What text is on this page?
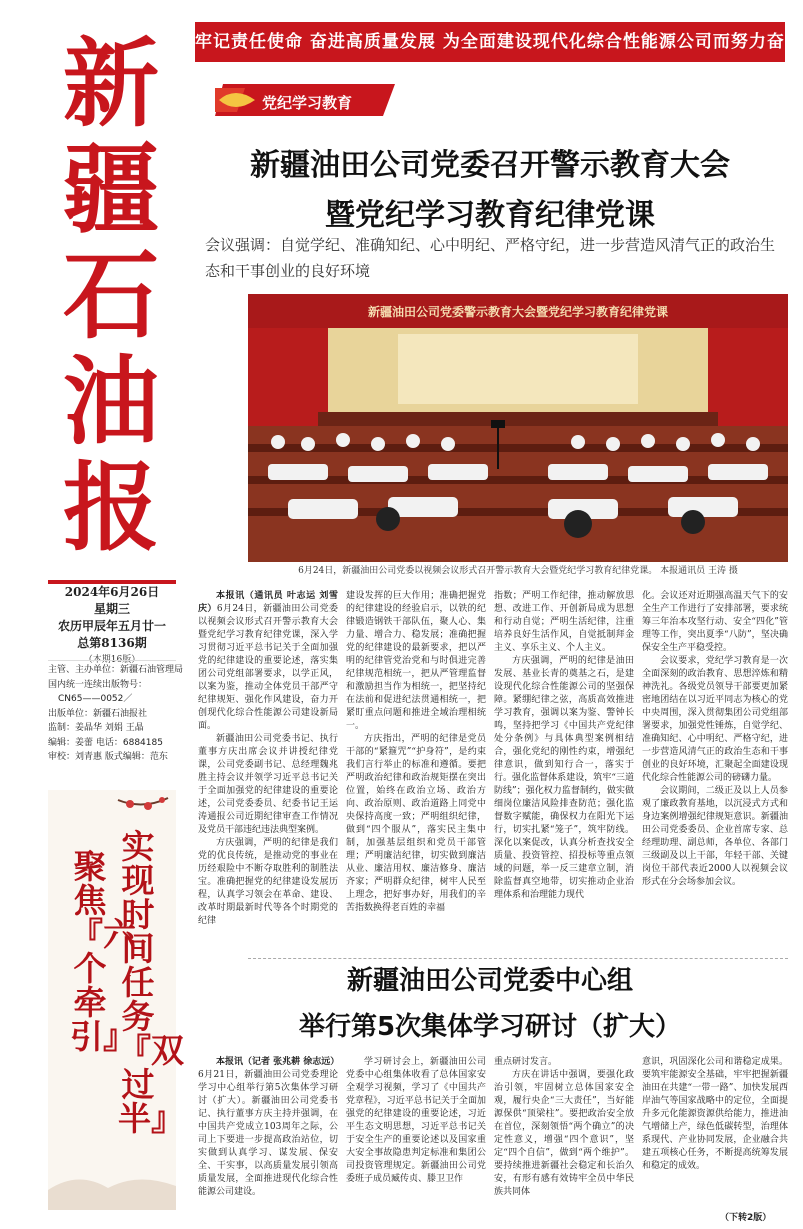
牢记责任使命 奋进高质量发展 为全面建设现代化综合性能源公司而努力奋斗
新
疆
石
油
报
党纪学习教育
新疆油田公司党委召开警示教育大会
暨党纪学习教育纪律党课
会议强调：自觉学纪、准确知纪、心中明纪、严格守纪，进一步营造风清气正的政治生态和干事创业的良好环境
新疆油田公司党委警示教育大会暨党纪学习教育纪律党课
6月24日，新疆油田公司党委以视频会议形式召开警示教育大会暨党纪学习教育纪律党课。 本报通讯员 王涛 摄
2024年6月26日
星期三
农历甲辰年五月廿一
总第8136期
（本期16版）
主管、主办单位：新疆石油管理局
国内统一连续出版物号：
CN65——0052／
出版单位：新疆石油报社
监制：姜晶华 刘娟 王晶
编辑：姜蕾 电话：6884185
审校：刘青惠 版式编辑：范东
实现时间任务『双过半』
聚焦『六个牵引』

本报讯（通讯员 叶志运 刘雪庆）6月24日，新疆油田公司党委以视频会议形式召开警示教育大会暨党纪学习教育纪律党课，深入学习贯彻习近平总书记关于全面加强党的纪律建设的重要论述，落实集团公司党组部署要求，以学正风，以案为鉴，推动全体党员干部严守纪律规矩、强化作风建设，奋力开创现代化综合性能源公司建设新局面。

新疆油田公司党委书记、执行董事方庆出席会议并讲授纪律党课，公司党委副书记、总经理魏兆胜主持会议并领学习近平总书记关于全面加强党的纪律建设的重要论述，公司党委委员、纪委书记王运涛通报公司近期纪律审查工作情况及党员干部违纪违法典型案例。

方庆强调，严明的纪律是我们党的优良传统，是推动党的事业在历经艰险中不断夺取胜利的制胜法宝。准确把握党的纪律建设发展历程，认真学习领会在革命、建设、改革时期最新时代等各个时期党的纪律

建设发挥的巨大作用；准确把握党的纪律建设的经验启示，以铁的纪律锻造钢铁干部队伍，聚人心、集力量、增合力、稳发展；准确把握党的纪律建设的最新要求，把以严明的纪律管党治党和与时俱进完善纪律规范相统一，把从严管理监督和激励担当作为相统一，把坚持纪在法前和促进纪法贯通相统一，把紧盯重点问题和推进全域治理相统一。

方庆指出，严明的纪律是党员干部的“紧箍咒”“护身符”，是约束我们言行举止的标准和遵循。要把严明政治纪律和政治规矩摆在突出位置，始终在政治立场、政治方向、政治原则、政治道路上同党中央保持高度一致；严明组织纪律，做到“四个服从”，落实民主集中制，加强基层组织和党员干部管理；严明廉洁纪律，切实做到廉洁从业、廉洁用权、廉洁修身、廉洁齐家；严明群众纪律，树牢人民至上理念，把好事办好，用我们的辛苦指数换得老百姓的幸福

指数；严明工作纪律，推动解放思想、改进工作、开创新局成为思想和行动自觉；严明生活纪律，注重培养良好生活作风，自觉抵制拜金主义、享乐主义、个人主义。

方庆强调，严明的纪律是油田发展、基业长青的奠基之石，是建设现代化综合性能源公司的坚强保障。紧绷纪律之弦，高质高效推进学习教育，强调以案为鉴、警钟长鸣，坚持把学习《中国共产党纪律处分条例》与具体典型案例相结合，强化党纪的刚性约束，增强纪律意识，做到知行合一，落实于行。强化监督体系建设，筑牢“三道防线”；强化权力监督制约，做实做细岗位廉洁风险排查防范；强化监督数字赋能，确保权力在阳光下运行，切实扎紧“笼子”，筑牢防线。深化以案促改，认真分析查找安全质量、投资管控、招投标等重点领域的问题，举一反三建章立制，消除监督真空地带，切实推动企业治理体系和治理能力现代

化。会议还对近期强高温天气下的安全生产工作进行了安排部署，要求统筹三年治本攻坚行动、安全“四化”管理等工作，突出夏季“八防”，坚决确保安全生产平稳受控。

会议要求，党纪学习教育是一次全面深刻的政治教育、思想淬炼和精神洗礼。各级党员领导干部要更加紧密地团结在以习近平同志为核心的党中央周围，深入贯彻集团公司党组部署要求，加强党性锤炼，自觉学纪、准确知纪、心中明纪、严格守纪，进一步营造风清气正的政治生态和干事创业的良好环境，汇聚起全面建设现代化综合性能源公司的磅礴力量。

会议期间，二级正及以上人员参观了廉政教育基地，以沉浸式方式和身边案例增强纪律规矩意识。新疆油田公司党委委员、企业首席专家、总经理助理、副总师，各单位、各部门三级副及以上干部，年轻干部、关键岗位干部代表近2000人以视频会议形式在分会场参加会议。

新疆油田公司党委中心组
举行第5次集体学习研讨（扩大）

本报讯（记者 张兆耕 徐志远）6月21日，新疆油田公司党委理论学习中心组举行第5次集体学习研讨（扩大）。新疆油田公司党委书记、执行董事方庆主持并强调，在中国共产党成立103周年之际，公司上下要进一步提高政治站位，切实做到认真学习、谋发展、保安全、干实事，以高质量发展引领高质量发展，全面推进现代化综合性能源公司建设。

学习研讨会上，新疆油田公司党委中心组集体收看了总体国家安全观学习视频，学习了《中国共产党章程》，习近平总书记关于全面加强党的纪律建设的重要论述，习近平生态文明思想，习近平总书记关于安全生产的重要论述以及国家重大安全事故隐患判定标准和集团公司投资管理规定。新疆油田公司党委班子成员臧传贞、滕卫卫作

重点研讨发言。

方庆在讲话中强调，要强化政治引领，牢固树立总体国家安全观，履行央企“三大责任”，当好能源保供“顶梁柱”。要把政治安全放在首位，深刻领悟“两个确立”的决定性意义，增强“四个意识”，坚定“四个自信”，做到“两个维护”。要持续推进新疆社会稳定和长治久安，有形有感有效铸牢全员中华民族共同体

意识，巩固深化公司和谐稳定成果。要筑牢能源安全基础，牢牢把握新疆油田在共建“一带一路”、加快发展西岸油气等国家战略中的定位，全面提升多元化能源资源供给能力，推进油气增储上产，绿色低碳转型，治理体系现代、产业协同发展，企业融合共建五项核心任务，不断提高统筹发展和稳定的成效。

（下转2版）
